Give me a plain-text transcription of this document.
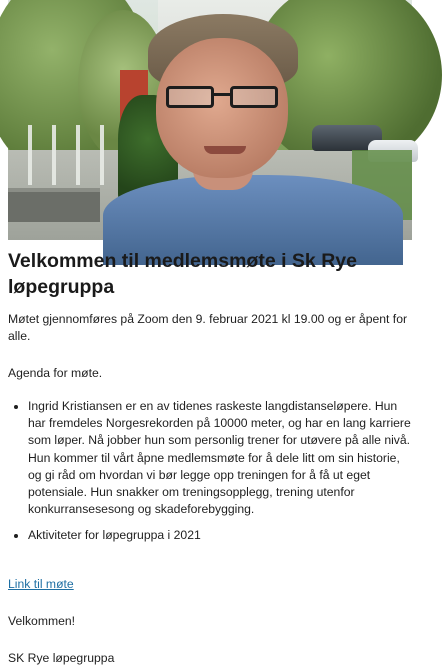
Velkommen til medlemsmøte i Sk Rye løpegruppa

Møtet gjennomføres på Zoom den 9. februar 2021 kl 19.00 og er åpent for alle.

Agenda for møte.

• Ingrid Kristiansen er en av tidenes raskeste langdistanseløpere. Hun har fremdeles Norgesrekorden på 10000 meter, og har en lang karriere som løper. Nå jobber hun som personlig trener for utøvere på alle nivå. Hun kommer til vårt åpne medlemsmøte for å dele litt om sin historie, og gi råd om hvordan vi bør legge opp treningen for å få ut eget potensiale. Hun snakker om treningsopplegg, trening utenfor konkurransesesong og skadeforebygging.
• Aktiviteter for løpegruppa i 2021
Link til møte

Velkommen!

SK Rye løpegruppa
